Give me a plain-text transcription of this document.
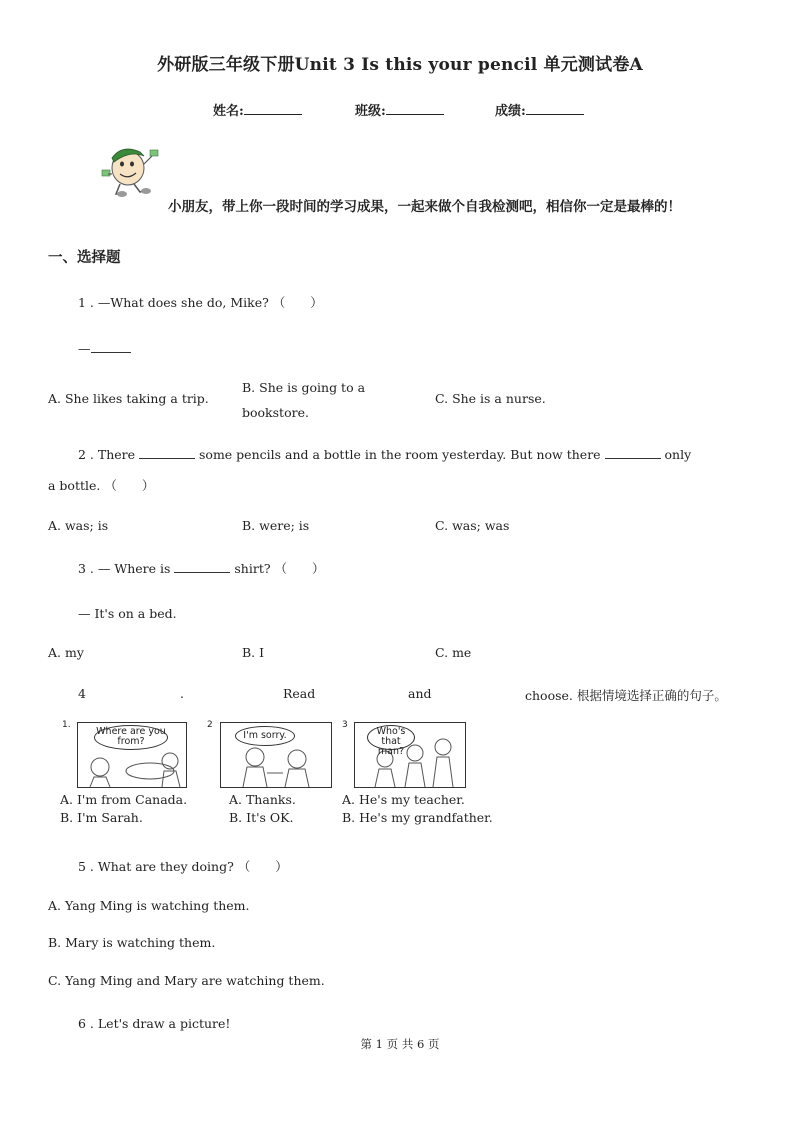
外研版三年级下册Unit 3 Is this your pencil 单元测试卷A
姓名:	班级:	成绩:
小朋友，带上你一段时间的学习成果，一起来做个自我检测吧，相信你一定是最棒的！
一、选择题
1 . —What does she do, Mike? （　　）
—
A. She likes taking a trip.
B. She is going to a
bookstore.
C. She is a nurse.
2 . There	some pencils and a bottle in the room yesterday. But now there	only
a bottle. （　　）
A. was; is	B. were; is	C. was; was
3 . — Where is	shirt? （　　）
— It's on a bed.
A. my	B. I	C. me
4	.	Read	and	choose. 根据情境选择正确的句子。
1.
Where are you from?
2
I'm sorry.
3
Who's that man?
A. I'm from Canada.
B. I'm Sarah.
A. Thanks.
B. It's OK.
A. He's my teacher.
B. He's my grandfather.
5 . What are they doing? （　　）
A. Yang Ming is watching them.
B. Mary is watching them.
C. Yang Ming and Mary are watching them.
6 . Let's draw a picture!
第 1 页 共 6 页
